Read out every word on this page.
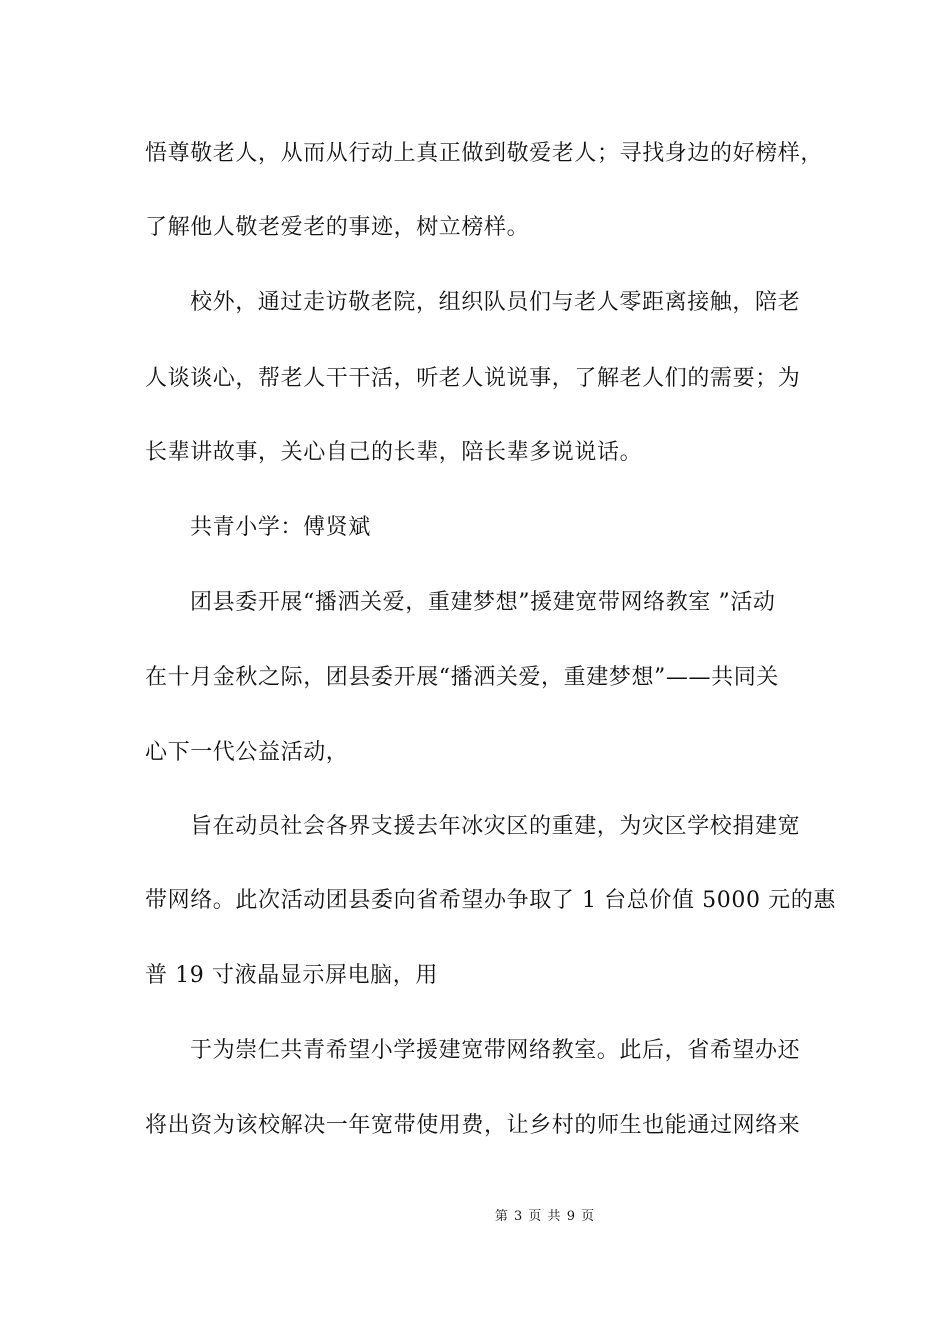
悟尊敬老人，从而从行动上真正做到敬爱老人；寻找身边的好榜样，
了解他人敬老爱老的事迹，树立榜样。
校外，通过走访敬老院，组织队员们与老人零距离接触，陪老
人谈谈心，帮老人干干活，听老人说说事，了解老人们的需要；为
长辈讲故事，关心自己的长辈，陪长辈多说说话。
共青小学：傅贤斌
团县委开展“播洒关爱，重建梦想”援建宽带网络教室 ”活动
在十月金秋之际，团县委开展“播洒关爱，重建梦想”——共同关
心下一代公益活动，
旨在动员社会各界支援去年冰灾区的重建，为灾区学校捐建宽
带网络。此次活动团县委向省希望办争取了 1 台总价值 5000 元的惠
普 19 寸液晶显示屏电脑，用
于为崇仁共青希望小学援建宽带网络教室。此后，省希望办还
将出资为该校解决一年宽带使用费，让乡村的师生也能通过网络来
第 3 页 共 9 页
